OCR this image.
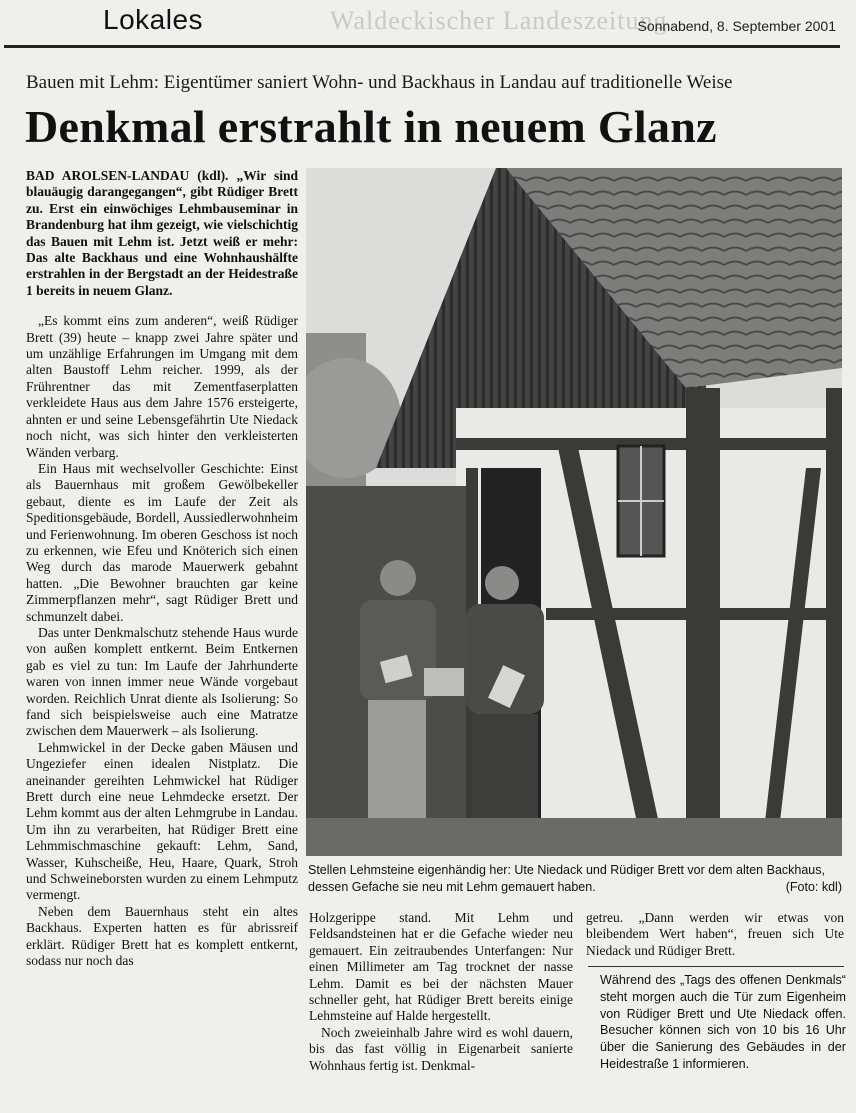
Waldeckischer Landeszeitung
Lokales	Sonnabend, 8. September 2001
Bauen mit Lehm: Eigentümer saniert Wohn- und Backhaus in Landau auf traditionelle Weise
Denkmal erstrahlt in neuem Glanz

BAD AROLSEN-LANDAU (kdl). „Wir sind blauäugig darangegangen“, gibt Rüdiger Brett zu. Erst ein einwöchiges Lehmbauseminar in Brandenburg hat ihm gezeigt, wie vielschichtig das Bauen mit Lehm ist. Jetzt weiß er mehr: Das alte Backhaus und eine Wohnhaushälfte erstrahlen in der Bergstadt an der Heidestraße 1 bereits in neuem Glanz.

„Es kommt eins zum anderen“, weiß Rüdiger Brett (39) heute – knapp zwei Jahre später und um unzählige Erfahrungen im Umgang mit dem alten Baustoff Lehm reicher. 1999, als der Frührentner das mit Zementfaserplatten verkleidete Haus aus dem Jahre 1576 ersteigerte, ahnten er und seine Lebensgefährtin Ute Niedack noch nicht, was sich hinter den verkleisterten Wänden verbarg.

Ein Haus mit wechselvoller Geschichte: Einst als Bauernhaus mit großem Gewölbekeller gebaut, diente es im Laufe der Zeit als Speditionsgebäude, Bordell, Aussiedlerwohnheim und Ferienwohnung. Im oberen Geschoss ist noch zu erkennen, wie Efeu und Knöterich sich einen Weg durch das marode Mauerwerk gebahnt hatten. „Die Bewohner brauchten gar keine Zimmerpflanzen mehr“, sagt Rüdiger Brett und schmunzelt dabei.

Das unter Denkmalschutz stehende Haus wurde von außen komplett entkernt. Beim Entkernen gab es viel zu tun: Im Laufe der Jahrhunderte waren von innen immer neue Wände vorgebaut worden. Reichlich Unrat diente als Isolierung: So fand sich beispielsweise auch eine Matratze zwischen dem Mauerwerk – als Isolierung.

Lehmwickel in der Decke gaben Mäusen und Ungeziefer einen idealen Nistplatz. Die aneinander gereihten Lehmwickel hat Rüdiger Brett durch eine neue Lehmdecke ersetzt. Der Lehm kommt aus der alten Lehmgrube in Landau. Um ihn zu verarbeiten, hat Rüdiger Brett eine Lehmmischmaschine gekauft: Lehm, Sand, Wasser, Kuhscheiße, Heu, Haare, Quark, Stroh und Schweineborsten wurden zu einem Lehmputz vermengt.

Neben dem Bauernhaus steht ein altes Backhaus. Experten hatten es für abrissreif erklärt. Rüdiger Brett hat es komplett entkernt, sodass nur noch das

Stellen Lehmsteine eigenhändig her: Ute Niedack und Rüdiger Brett vor dem alten Backhaus, dessen Gefache sie neu mit Lehm gemauert haben.	(Foto: kdl)

Holzgerippe stand. Mit Lehm und Feldsandsteinen hat er die Gefache wieder neu gemauert. Ein zeitraubendes Unterfangen: Nur einen Millimeter am Tag trocknet der nasse Lehm. Damit es bei der nächsten Mauer schneller geht, hat Rüdiger Brett bereits einige Lehmsteine auf Halde hergestellt.

Noch zweieinhalb Jahre wird es wohl dauern, bis das fast völlig in Eigenarbeit sanierte Wohnhaus fertig ist. Denkmal-

getreu. „Dann werden wir etwas von bleibendem Wert haben“, freuen sich Ute Niedack und Rüdiger Brett.

Während des „Tags des offenen Denkmals“ steht morgen auch die Tür zum Eigenheim von Rüdiger Brett und Ute Niedack offen. Besucher können sich von 10 bis 16 Uhr über die Sanierung des Gebäudes in der Heidestraße 1 informieren.
